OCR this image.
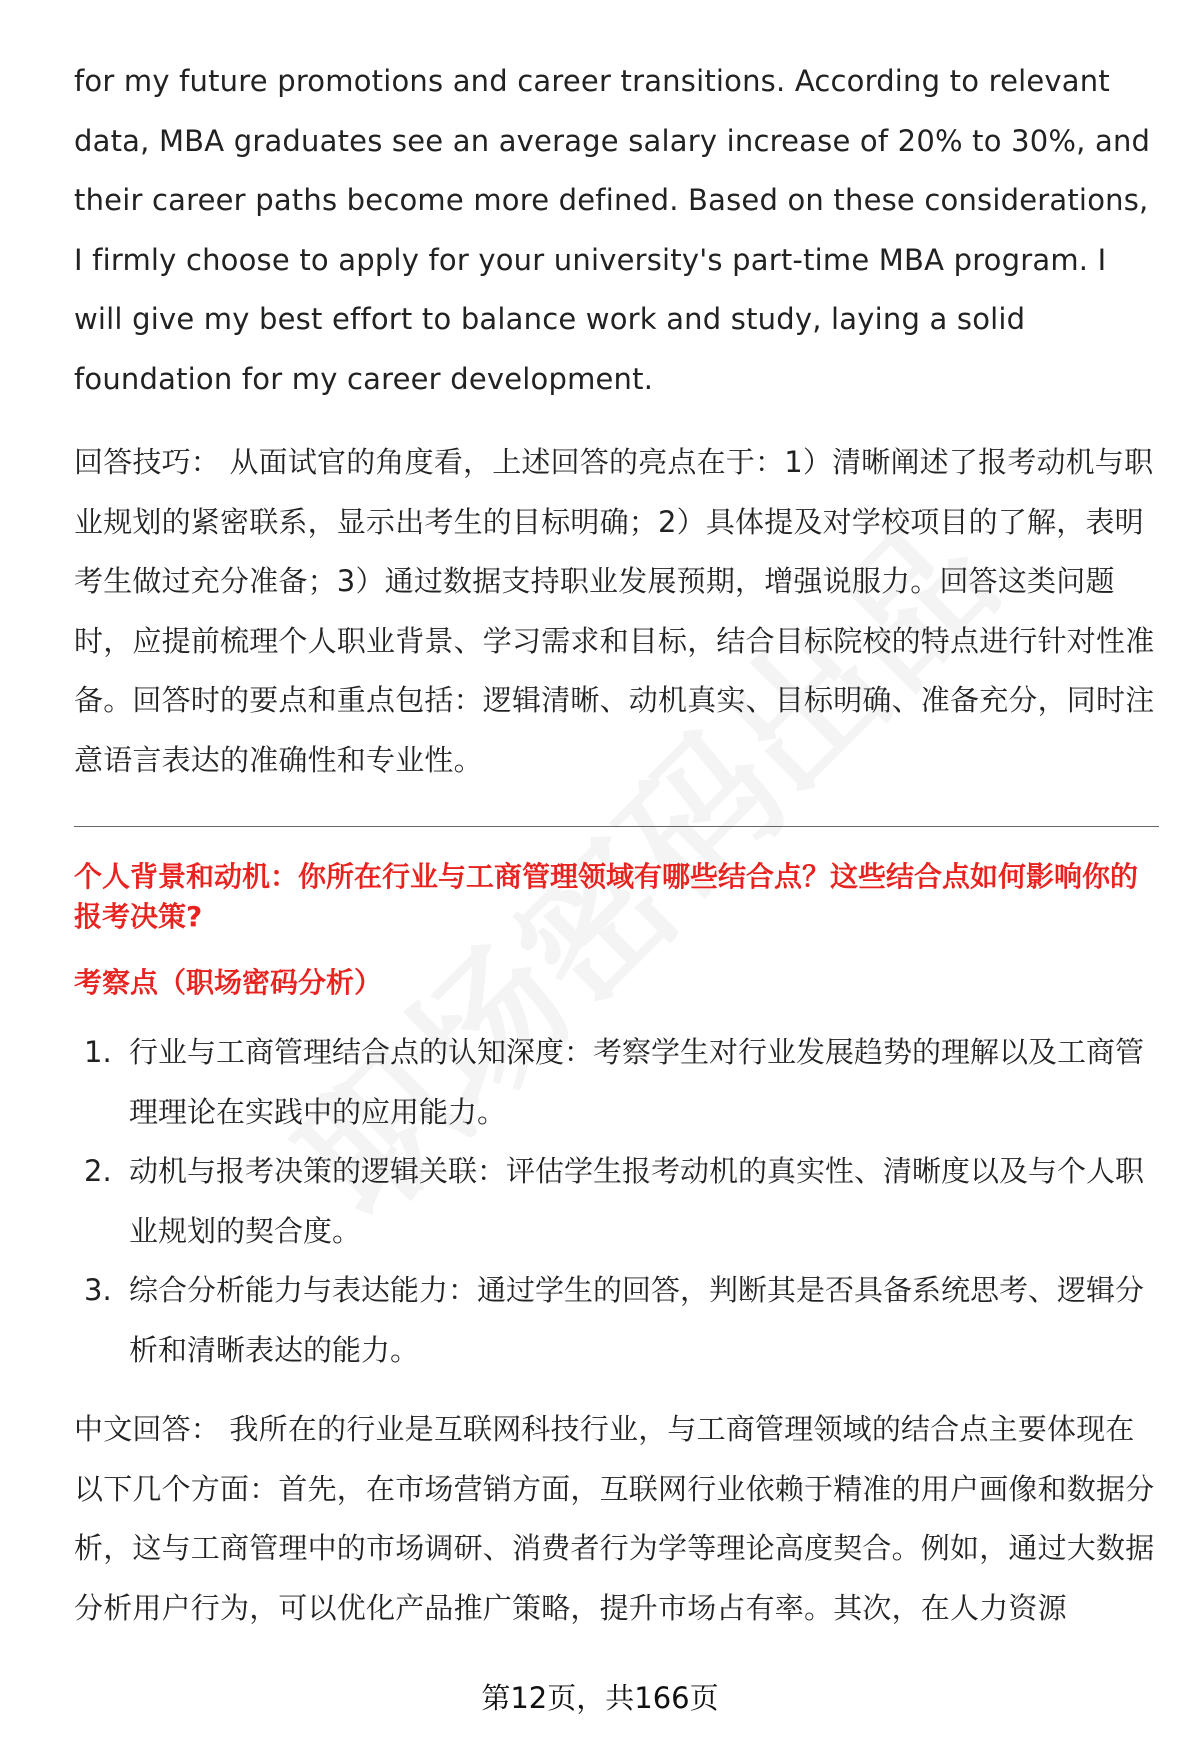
for my future promotions and career transitions. According to relevant data, MBA graduates see an average salary increase of 20% to 30%, and their career paths become more defined. Based on these considerations, I firmly choose to apply for your university's part-time MBA program. I will give my best effort to balance work and study, laying a solid foundation for my career development.

回答技巧： 从面试官的角度看，上述回答的亮点在于：1）清晰阐述了报考动机与职业规划的紧密联系，显示出考生的目标明确；2）具体提及对学校项目的了解，表明考生做过充分准备；3）通过数据支持职业发展预期，增强说服力。回答这类问题时，应提前梳理个人职业背景、学习需求和目标，结合目标院校的特点进行针对性准备。回答时的要点和重点包括：逻辑清晰、动机真实、目标明确、准备充分，同时注意语言表达的准确性和专业性。

个人背景和动机：你所在行业与工商管理领域有哪些结合点？这些结合点如何影响你的报考决策?
考察点（职场密码分析）
1. 行业与工商管理结合点的认知深度：考察学生对行业发展趋势的理解以及工商管理理论在实践中的应用能力。
2. 动机与报考决策的逻辑关联：评估学生报考动机的真实性、清晰度以及与个人职业规划的契合度。
3. 综合分析能力与表达能力：通过学生的回答，判断其是否具备系统思考、逻辑分析和清晰表达的能力。

中文回答： 我所在的行业是互联网科技行业，与工商管理领域的结合点主要体现在以下几个方面：首先，在市场营销方面，互联网行业依赖于精准的用户画像和数据分析，这与工商管理中的市场调研、消费者行为学等理论高度契合。例如，通过大数据分析用户行为，可以优化产品推广策略，提升市场占有率。其次，在人力资源

第12页，共166页
